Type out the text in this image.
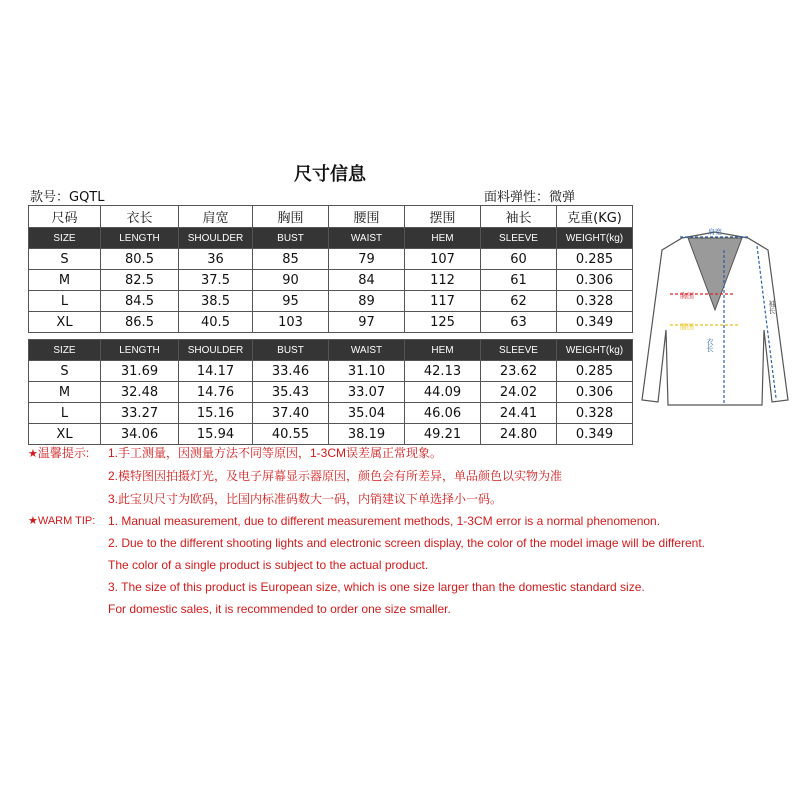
尺寸信息
款号：GQTL	面料弹性：微弹
尺码	衣长	肩宽	胸围	腰围	摆围	袖长	克重(KG)
SIZE	LENGTH	SHOULDER	BUST	WAIST	HEM	SLEEVE	WEIGHT(kg)
S	80.5	36	85	79	107	60	0.285
M	82.5	37.5	90	84	112	61	0.306
L	84.5	38.5	95	89	117	62	0.328
XL	86.5	40.5	103	97	125	63	0.349
SIZE	LENGTH	SHOULDER	BUST	WAIST	HEM	SLEEVE	WEIGHT(kg)
S	31.69	14.17	33.46	31.10	42.13	23.62	0.285
M	32.48	14.76	35.43	33.07	44.09	24.02	0.306
L	33.27	15.16	37.40	35.04	46.06	24.41	0.328
XL	34.06	15.94	40.55	38.19	49.21	24.80	0.349
★温馨提示: 1.手工测量，因测量方法不同等原因，1-3CM误差属正常现象。
2.模特图因拍摄灯光，及电子屏幕显示器原因，颜色会有所差异，单品颜色以实物为准
3.此宝贝尺寸为欧码，比国内标准码数大一码，内销建议下单选择小一码。
★WARM TIP: 1. Manual measurement, due to different measurement methods, 1-3CM error is a normal phenomenon.
2. Due to the different shooting lights and electronic screen display, the color of the model image will be different.
The color of a single product is subject to the actual product.
3. The size of this product is European size, which is one size larger than the domestic standard size.
For domestic sales, it is recommended to order one size smaller.
肩宽
胸围
腰围
衣长
袖长
